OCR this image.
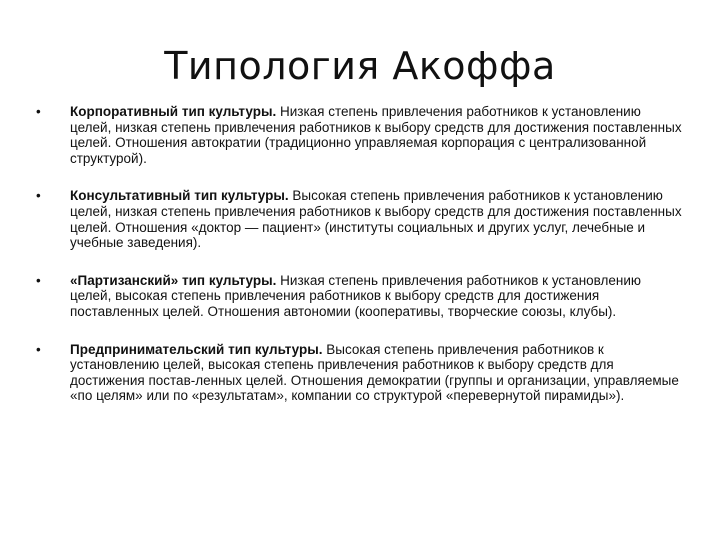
Типология Акоффа
• Корпоративный тип культуры. Низкая степень привлечения работников к установлению целей, низкая степень привлечения работников к выбору средств для достижения поставленных целей. Отношения автократии (традиционно управляемая корпорация с централизованной структурой).
• Консультативный тип культуры. Высокая степень привлечения работников к установлению целей, низкая степень привлечения работников к выбору средств для достижения поставленных целей. Отношения «доктор — пациент» (институты социальных и других услуг, лечебные и учебные заведения).
• «Партизанский» тип культуры. Низкая степень привлечения работников к установлению целей, высокая степень привлечения работников к выбору средств для достижения поставленных целей. Отношения автономии (кооперативы, творческие союзы, клубы).
• Предпринимательский тип культуры. Высокая степень привлечения работников к установлению целей, высокая степень привлечения работников к выбору средств для достижения постав-ленных целей. Отношения демократии (группы и организации, управляемые «по целям» или по «результатам», компании со структурой «перевернутой пирамиды»).
